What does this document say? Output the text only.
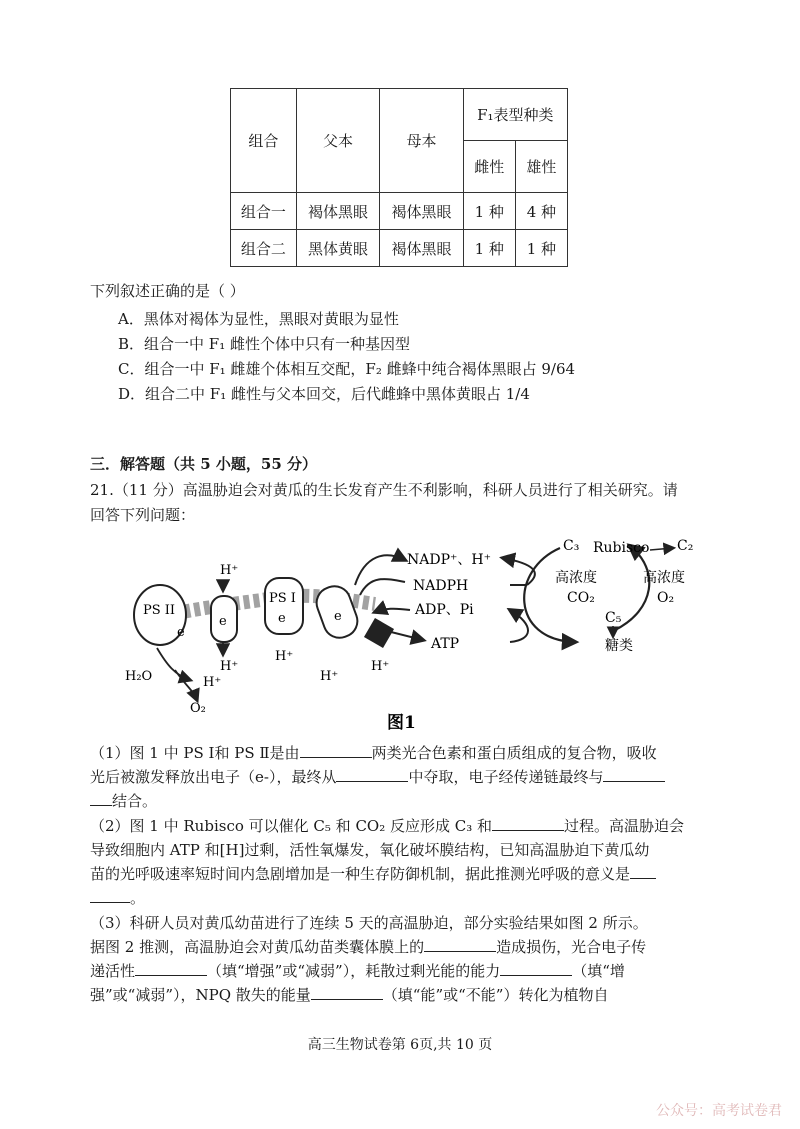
组合	父本	母本	F₁表型种类	
			雌性	雄性
组合一	褐体黑眼	褐体黑眼	1 种	4 种
组合二	黑体黄眼	褐体黑眼	1 种	1 种
下列叙述正确的是（ ）
A．黑体对褐体为显性，黑眼对黄眼为显性
B．组合一中 F₁ 雌性个体中只有一种基因型
C．组合一中 F₁ 雌雄个体相互交配，F₂ 雌蜂中纯合褐体黑眼占 9/64
D．组合二中 F₁ 雌性与父本回交，后代雌蜂中黑体黄眼占 1/4
三．解答题（共 5 小题，55 分）
21.（11 分）高温胁迫会对黄瓜的生长发育产生不利影响，科研人员进行了相关研究。请
回答下列问题：
PS II
e
e
PS I
e	e
H⁺
H⁺
H⁺
H⁺
H⁺
H⁺
H₂O
O₂
NADP⁺、H⁺
NADPH
ADP、Pi
ATP
C₃ Rubisco C₂
高浓度
CO₂
高浓度
O₂
C₅
糖类
图1
（1）图 1 中 PS Ⅰ和 PS Ⅱ是由	两类光合色素和蛋白质组成的复合物，吸收
光后被激发释放出电子（e-），最终从	中夺取，电子经传递链最终与
结合。
（2）图 1 中 Rubisco 可以催化 C₅ 和 CO₂ 反应形成 C₃ 和	过程。高温胁迫会
导致细胞内 ATP 和[H]过剩，活性氧爆发，氧化破坏膜结构，已知高温胁迫下黄瓜幼
苗的光呼吸速率短时间内急剧增加是一种生存防御机制，据此推测光呼吸的意义是
。
（3）科研人员对黄瓜幼苗进行了连续 5 天的高温胁迫，部分实验结果如图 2 所示。
据图 2 推测，高温胁迫会对黄瓜幼苗类囊体膜上的	造成损伤，光合电子传
递活性	（填“增强”或“减弱”），耗散过剩光能的能力	（填“增
强”或“减弱”），NPQ 散失的能量	（填“能”或“不能”）转化为植物自
高三生物试卷第 6页,共 10 页
公众号：高考试卷君
